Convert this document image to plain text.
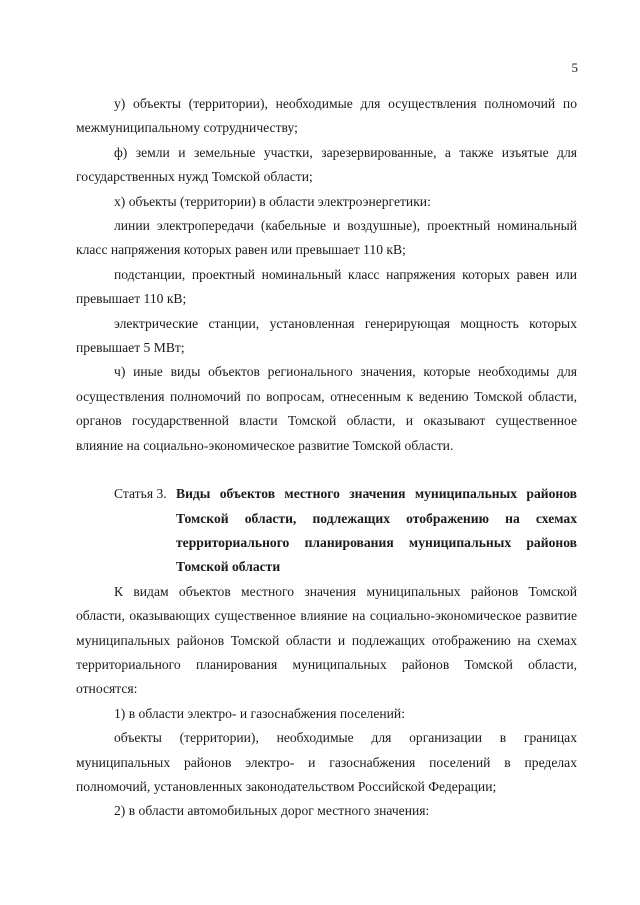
5

у) объекты (территории), необходимые для осуществления полномочий по межмуниципальному сотрудничеству;

ф) земли и земельные участки, зарезервированные, а также изъятые для государственных нужд Томской области;

х) объекты (территории) в области электроэнергетики:

линии электропередачи (кабельные и воздушные), проектный номинальный класс напряжения которых равен или превышает 110 кВ;

подстанции, проектный номинальный класс напряжения которых равен или превышает 110 кВ;

электрические станции, установленная генерирующая мощность которых превышает 5 МВт;

ч) иные виды объектов регионального значения, которые необходимы для осуществления полномочий по вопросам, отнесенным к ведению Томской области, органов государственной власти Томской области, и оказывают существенное влияние на социально-экономическое развитие Томской области.

Статья 3. Виды объектов местного значения муниципальных районов Томской области, подлежащих отображению на схемах территориального планирования муниципальных районов Томской области

К видам объектов местного значения муниципальных районов Томской области, оказывающих существенное влияние на социально-экономическое развитие муниципальных районов Томской области и подлежащих отображению на схемах территориального планирования муниципальных районов Томской области, относятся:

1) в области электро- и газоснабжения поселений:

объекты (территории), необходимые для организации в границах муниципальных районов электро- и газоснабжения поселений в пределах полномочий, установленных законодательством Российской Федерации;

2) в области автомобильных дорог местного значения:
